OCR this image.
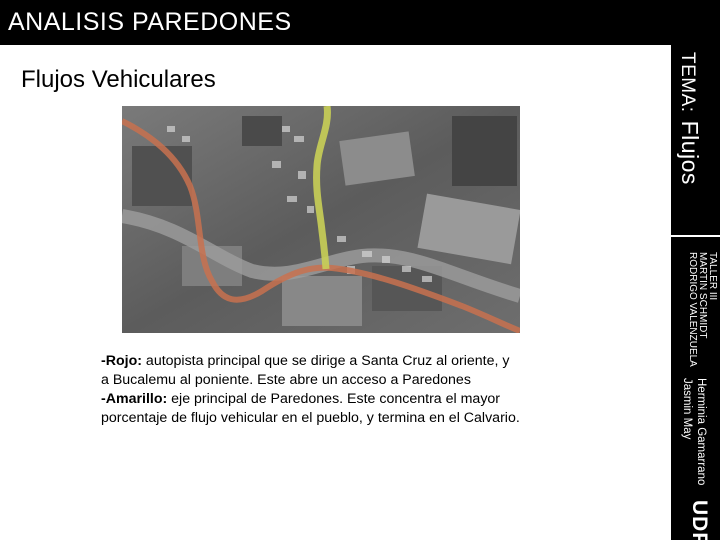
ANALISIS PAREDONES
TEMA:Flujos
TALLER III
MARTIN SCHMIDT
RODRIGO VALENZUELA
Herminia Gamarrano
Jasmin May
UDP
Flujos Vehiculares

-Rojo: autopista principal que se dirige a Santa Cruz al oriente, y a Bucalemu al poniente. Este abre un acceso a Paredones

-Amarillo: eje principal de Paredones. Este concentra el mayor porcentaje de flujo vehicular en el pueblo, y termina en el Calvario.
